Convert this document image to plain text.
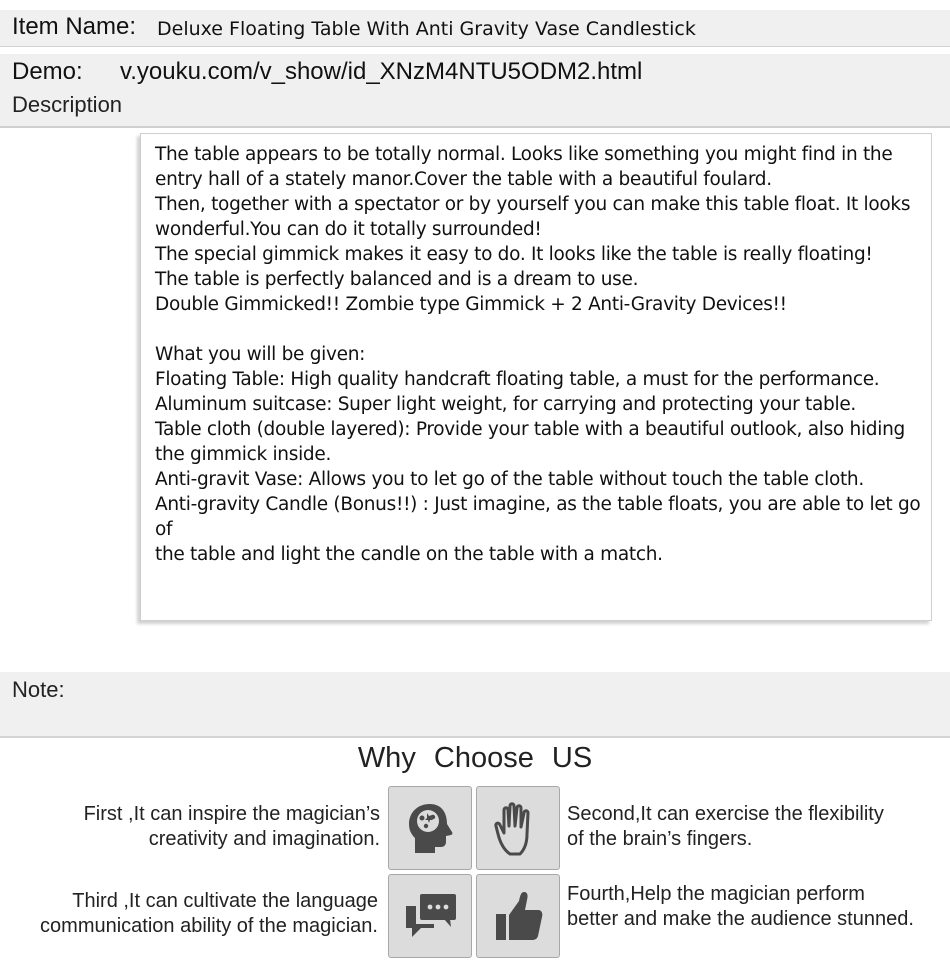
Item Name: Deluxe Floating Table With Anti Gravity Vase Candlestick
Demo: v.youku.com/v_show/id_XNzM4NTU5ODM2.html
Description
The table appears to be totally normal. Looks like something you might find in the
entry hall of a stately manor.Cover the table with a beautiful foulard.
Then, together with a spectator or by yourself you can make this table float. It looks
wonderful.You can do it totally surrounded!
The special gimmick makes it easy to do. It looks like the table is really floating!
The table is perfectly balanced and is a dream to use.
Double Gimmicked!! Zombie type Gimmick + 2 Anti-Gravity Devices!!

What you will be given:
Floating Table: High quality handcraft floating table, a must for the performance.
Aluminum suitcase: Super light weight, for carrying and protecting your table.
Table cloth (double layered): Provide your table with a beautiful outlook, also hiding
the gimmick inside.
Anti-gravit Vase: Allows you to let go of the table without touch the table cloth.
Anti-gravity Candle (Bonus!!) : Just imagine, as the table floats, you are able to let go of
the table and light the candle on the table with a match.
Note:
Why Choose US
First ,It can inspire the magician’s
creativity and imagination.
Second,It can exercise the flexibility
of the brain’s fingers.
Third ,It can cultivate the language
communication ability of the magician.
Fourth,Help the magician perform
better and make the audience stunned.
